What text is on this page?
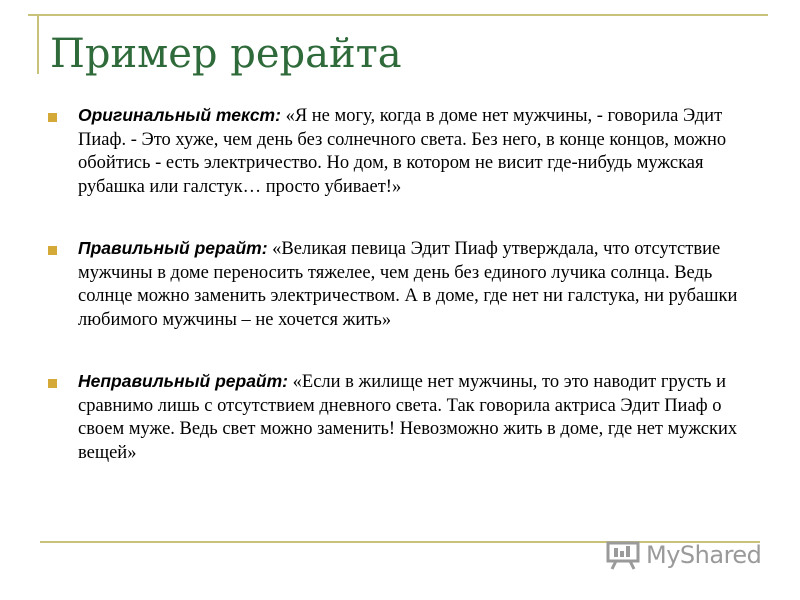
Пример рерайта
Оригинальный текст: «Я не могу, когда в доме нет мужчины, - говорила Эдит Пиаф. - Это хуже, чем день без солнечного света. Без него, в конце концов, можно обойтись - есть электричество. Но дом, в котором не висит где-нибудь мужская рубашка или галстук… просто убивает!»
Правильный рерайт: «Великая певица Эдит Пиаф утверждала, что отсутствие мужчины в доме переносить тяжелее, чем день без единого лучика солнца. Ведь солнце можно заменить электричеством. А в доме, где нет ни галстука, ни рубашки любимого мужчины – не хочется жить»
Неправильный рерайт: «Если в жилище нет мужчины, то это наводит грусть и сравнимо лишь с отсутствием дневного света. Так говорила актриса Эдит Пиаф о своем муже. Ведь свет можно заменить! Невозможно жить в доме, где нет мужских вещей»
MyShared
